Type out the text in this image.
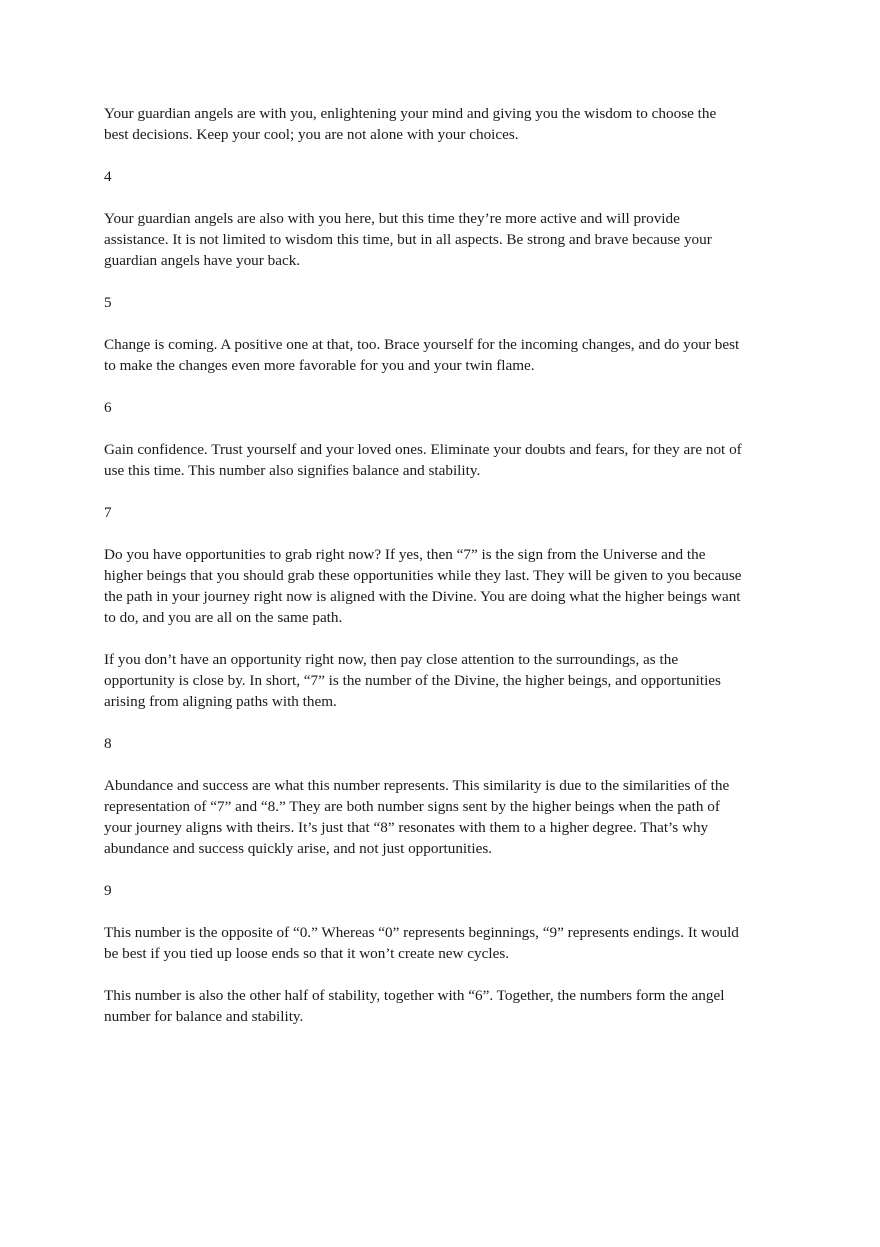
Your guardian angels are with you, enlightening your mind and giving you the wisdom to choose the best decisions. Keep your cool; you are not alone with your choices.

4

Your guardian angels are also with you here, but this time they’re more active and will provide assistance. It is not limited to wisdom this time, but in all aspects. Be strong and brave because your guardian angels have your back.

5

Change is coming. A positive one at that, too. Brace yourself for the incoming changes, and do your best to make the changes even more favorable for you and your twin flame.

6

Gain confidence. Trust yourself and your loved ones. Eliminate your doubts and fears, for they are not of use this time. This number also signifies balance and stability.

7

Do you have opportunities to grab right now? If yes, then “7” is the sign from the Universe and the higher beings that you should grab these opportunities while they last. They will be given to you because the path in your journey right now is aligned with the Divine. You are doing what the higher beings want to do, and you are all on the same path.

If you don’t have an opportunity right now, then pay close attention to the surroundings, as the opportunity is close by. In short, “7” is the number of the Divine, the higher beings, and opportunities arising from aligning paths with them.

8

Abundance and success are what this number represents. This similarity is due to the similarities of the representation of “7” and “8.” They are both number signs sent by the higher beings when the path of your journey aligns with theirs. It’s just that “8” resonates with them to a higher degree. That’s why abundance and success quickly arise, and not just opportunities.

9

This number is the opposite of “0.” Whereas “0” represents beginnings, “9” represents endings. It would be best if you tied up loose ends so that it won’t create new cycles.

This number is also the other half of stability, together with “6”. Together, the numbers form the angel number for balance and stability.
